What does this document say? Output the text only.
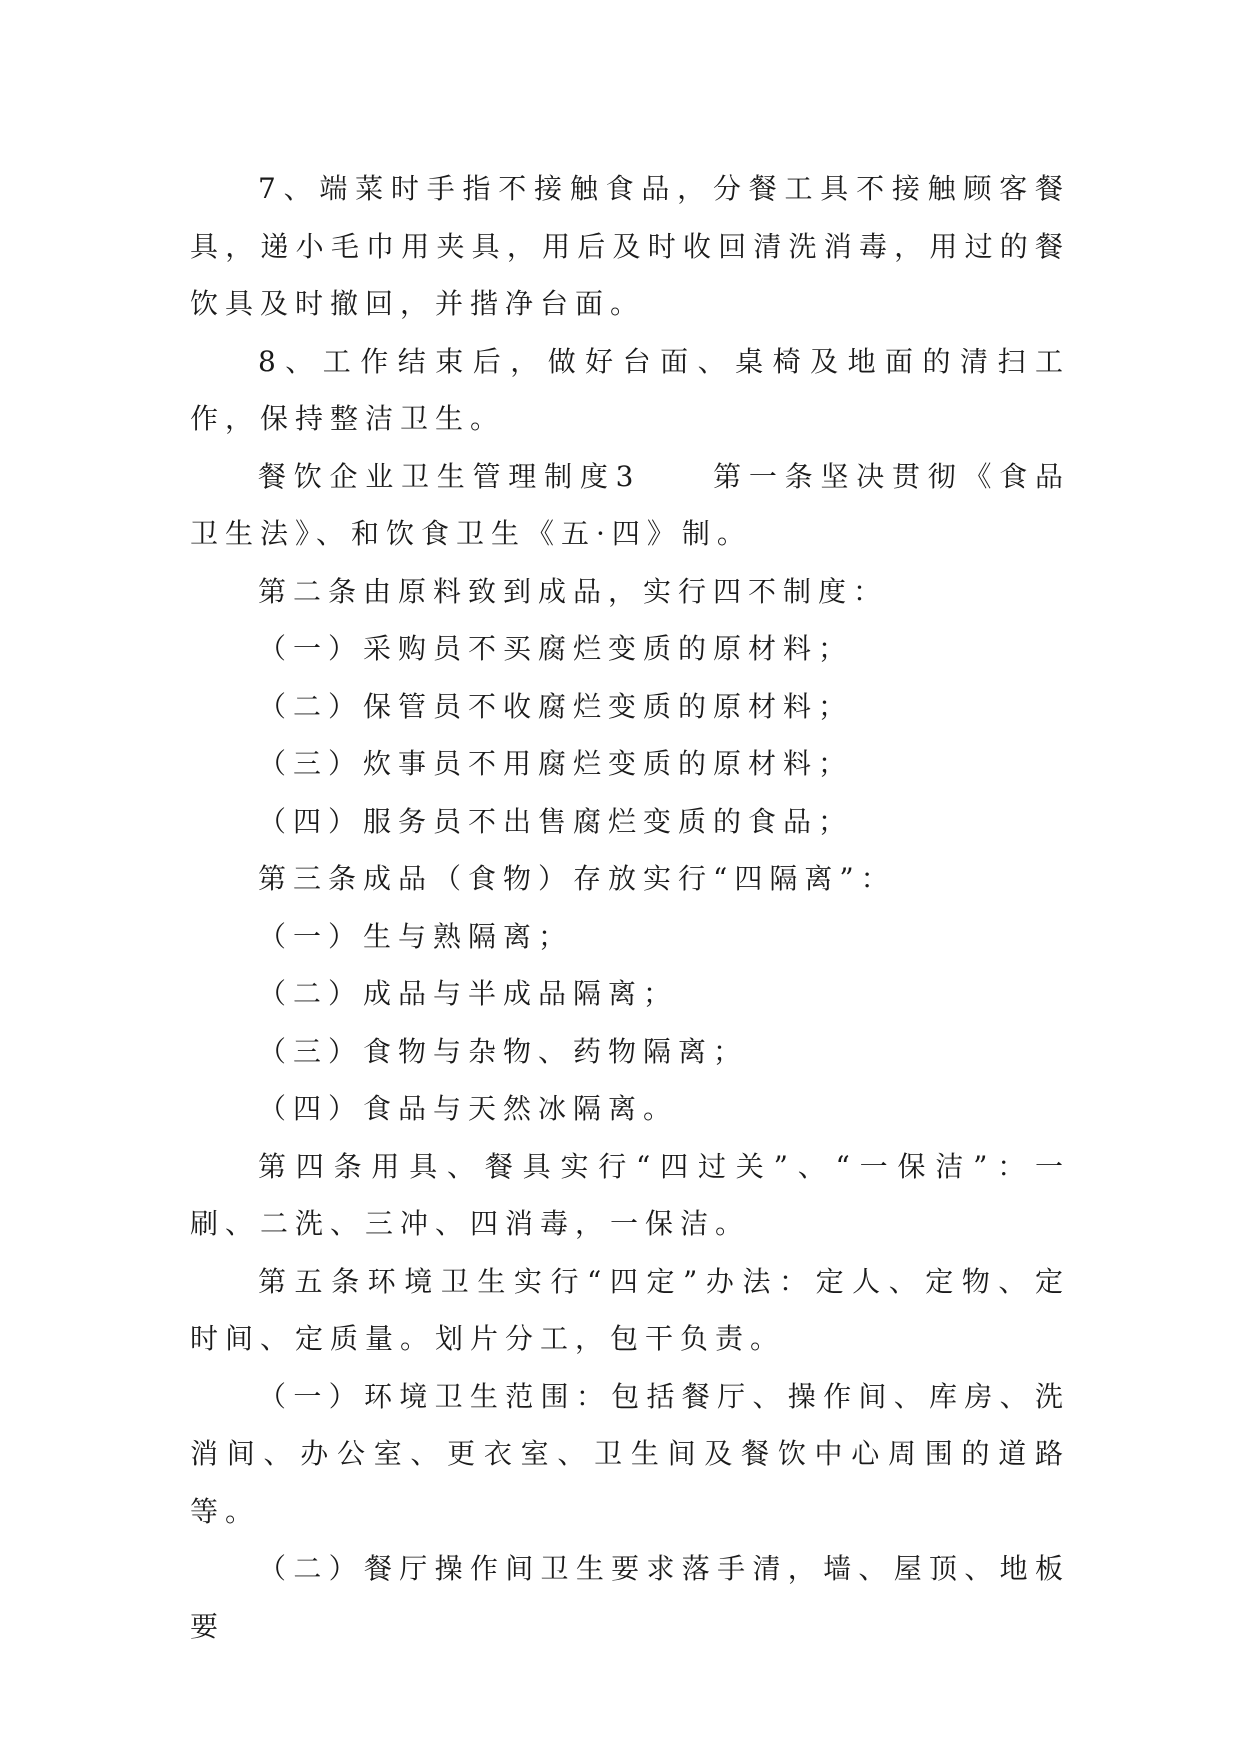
7、端菜时手指不接触食品，分餐工具不接触顾客餐具，递小毛巾用夹具，用后及时收回清洗消毒，用过的餐饮具及时撤回，并揩净台面。

8、工作结束后，做好台面、桌椅及地面的清扫工作，保持整洁卫生。

餐饮企业卫生管理制度3	第一条坚决贯彻《食品卫生法》、和饮食卫生《五·四》制。

第二条由原料致到成品，实行四不制度：

（一）采购员不买腐烂变质的原材料；

（二）保管员不收腐烂变质的原材料；

（三）炊事员不用腐烂变质的原材料；

（四）服务员不出售腐烂变质的食品；

第三条成品（食物）存放实行“四隔离”：

（一）生与熟隔离；

（二）成品与半成品隔离；

（三）食物与杂物、药物隔离；

（四）食品与天然冰隔离。

第四条用具、餐具实行“四过关”、“一保洁”：一刷、二洗、三冲、四消毒，一保洁。

第五条环境卫生实行“四定”办法：定人、定物、定时间、定质量。划片分工，包干负责。

（一）环境卫生范围：包括餐厅、操作间、库房、洗消间、办公室、更衣室、卫生间及餐饮中心周围的道路等。

（二）餐厅操作间卫生要求落手清，墙、屋顶、地板要
